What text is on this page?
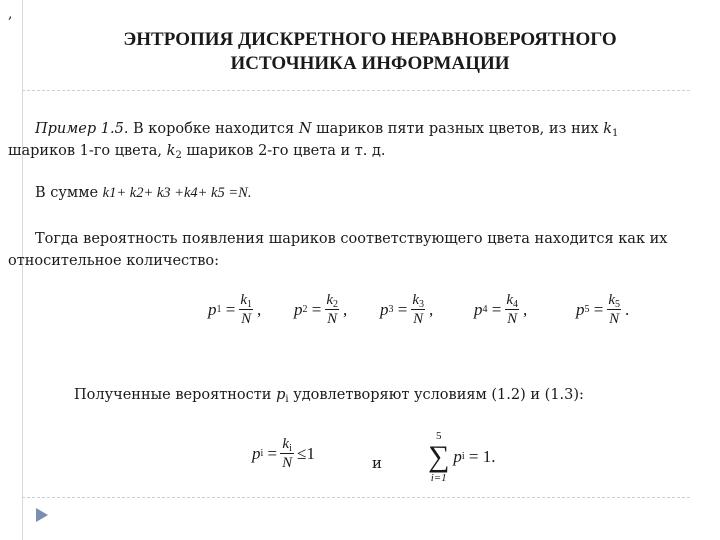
,
ЭНТРОПИЯ ДИСКРЕТНОГО НЕРАВНОВЕРОЯТНОГО
ИСТОЧНИКА ИНФОРМАЦИИ

Пример 1.5. В коробке находится N шариков пяти разных цветов, из них $k_1$
шариков 1-го цвета, $k_2$ шариков 2-го цвета и т. д.

В сумме k1+ k2+ k3 +k4+ k5 =N.

Тогда вероятность появления шариков соответствующего цвета находится как их
относительное количество:

p $1 = \frac{k_1}{N}$ , p $2 = \frac{k_2}{N}$ , p $3 = \frac{k_3}{N}$ , p $4 = \frac{k_4}{N}$ ,	p $5 = \frac{k_5}{N}$ .

Полученные вероятности $p_i$ удовлетворяют условиям (1.2) и (1.3):

p i
= $\frac{k_i}{N} \le 1$	и
5
∑
i=1
p i
= 1.
